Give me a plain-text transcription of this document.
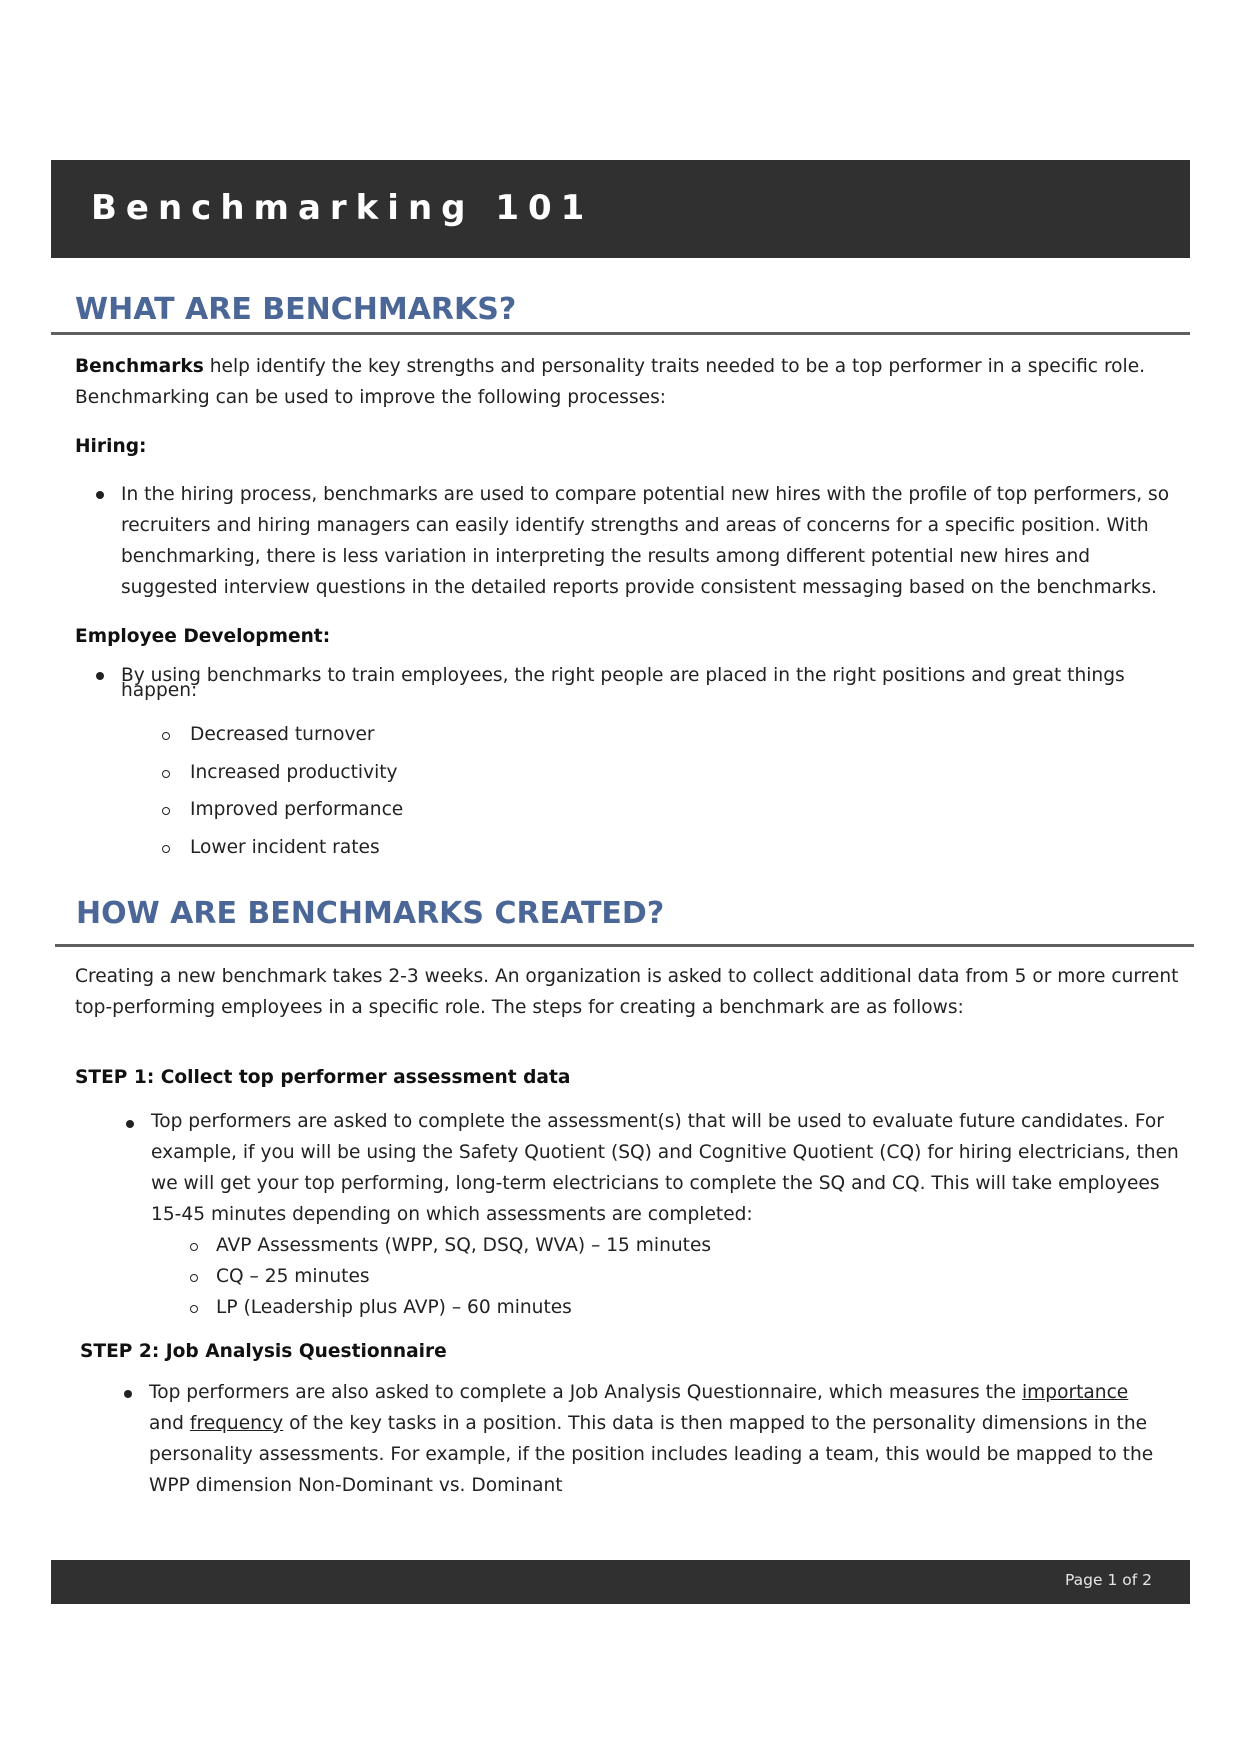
Benchmarking 101
WHAT ARE BENCHMARKS?

Benchmarks help identify the key strengths and personality traits needed to be a top performer in a specific role.

Benchmarking can be used to improve the following processes:

Hiring:

In the hiring process, benchmarks are used to compare potential new hires with the profile of top performers, so

recruiters and hiring managers can easily identify strengths and areas of concerns for a specific position. With

benchmarking, there is less variation in interpreting the results among different potential new hires and

suggested interview questions in the detailed reports provide consistent messaging based on the benchmarks.

Employee Development:

By using benchmarks to train employees, the right people are placed in the right positions and great things

happen:

Decreased turnover

Increased productivity

Improved performance

Lower incident rates

HOW ARE BENCHMARKS CREATED?

Creating a new benchmark takes 2-3 weeks. An organization is asked to collect additional data from 5 or more current

top-performing employees in a specific role. The steps for creating a benchmark are as follows:

STEP 1: Collect top performer assessment data

Top performers are asked to complete the assessment(s) that will be used to evaluate future candidates. For

example, if you will be using the Safety Quotient (SQ) and Cognitive Quotient (CQ) for hiring electricians, then

we will get your top performing, long-term electricians to complete the SQ and CQ. This will take employees

15-45 minutes depending on which assessments are completed:

AVP Assessments (WPP, SQ, DSQ, WVA) – 15 minutes

CQ – 25 minutes

LP (Leadership plus AVP) – 60 minutes

STEP 2: Job Analysis Questionnaire

Top performers are also asked to complete a Job Analysis Questionnaire, which measures the importance

and frequency of the key tasks in a position. This data is then mapped to the personality dimensions in the

personality assessments. For example, if the position includes leading a team, this would be mapped to the

WPP dimension Non-Dominant vs. Dominant

Page 1 of 2
